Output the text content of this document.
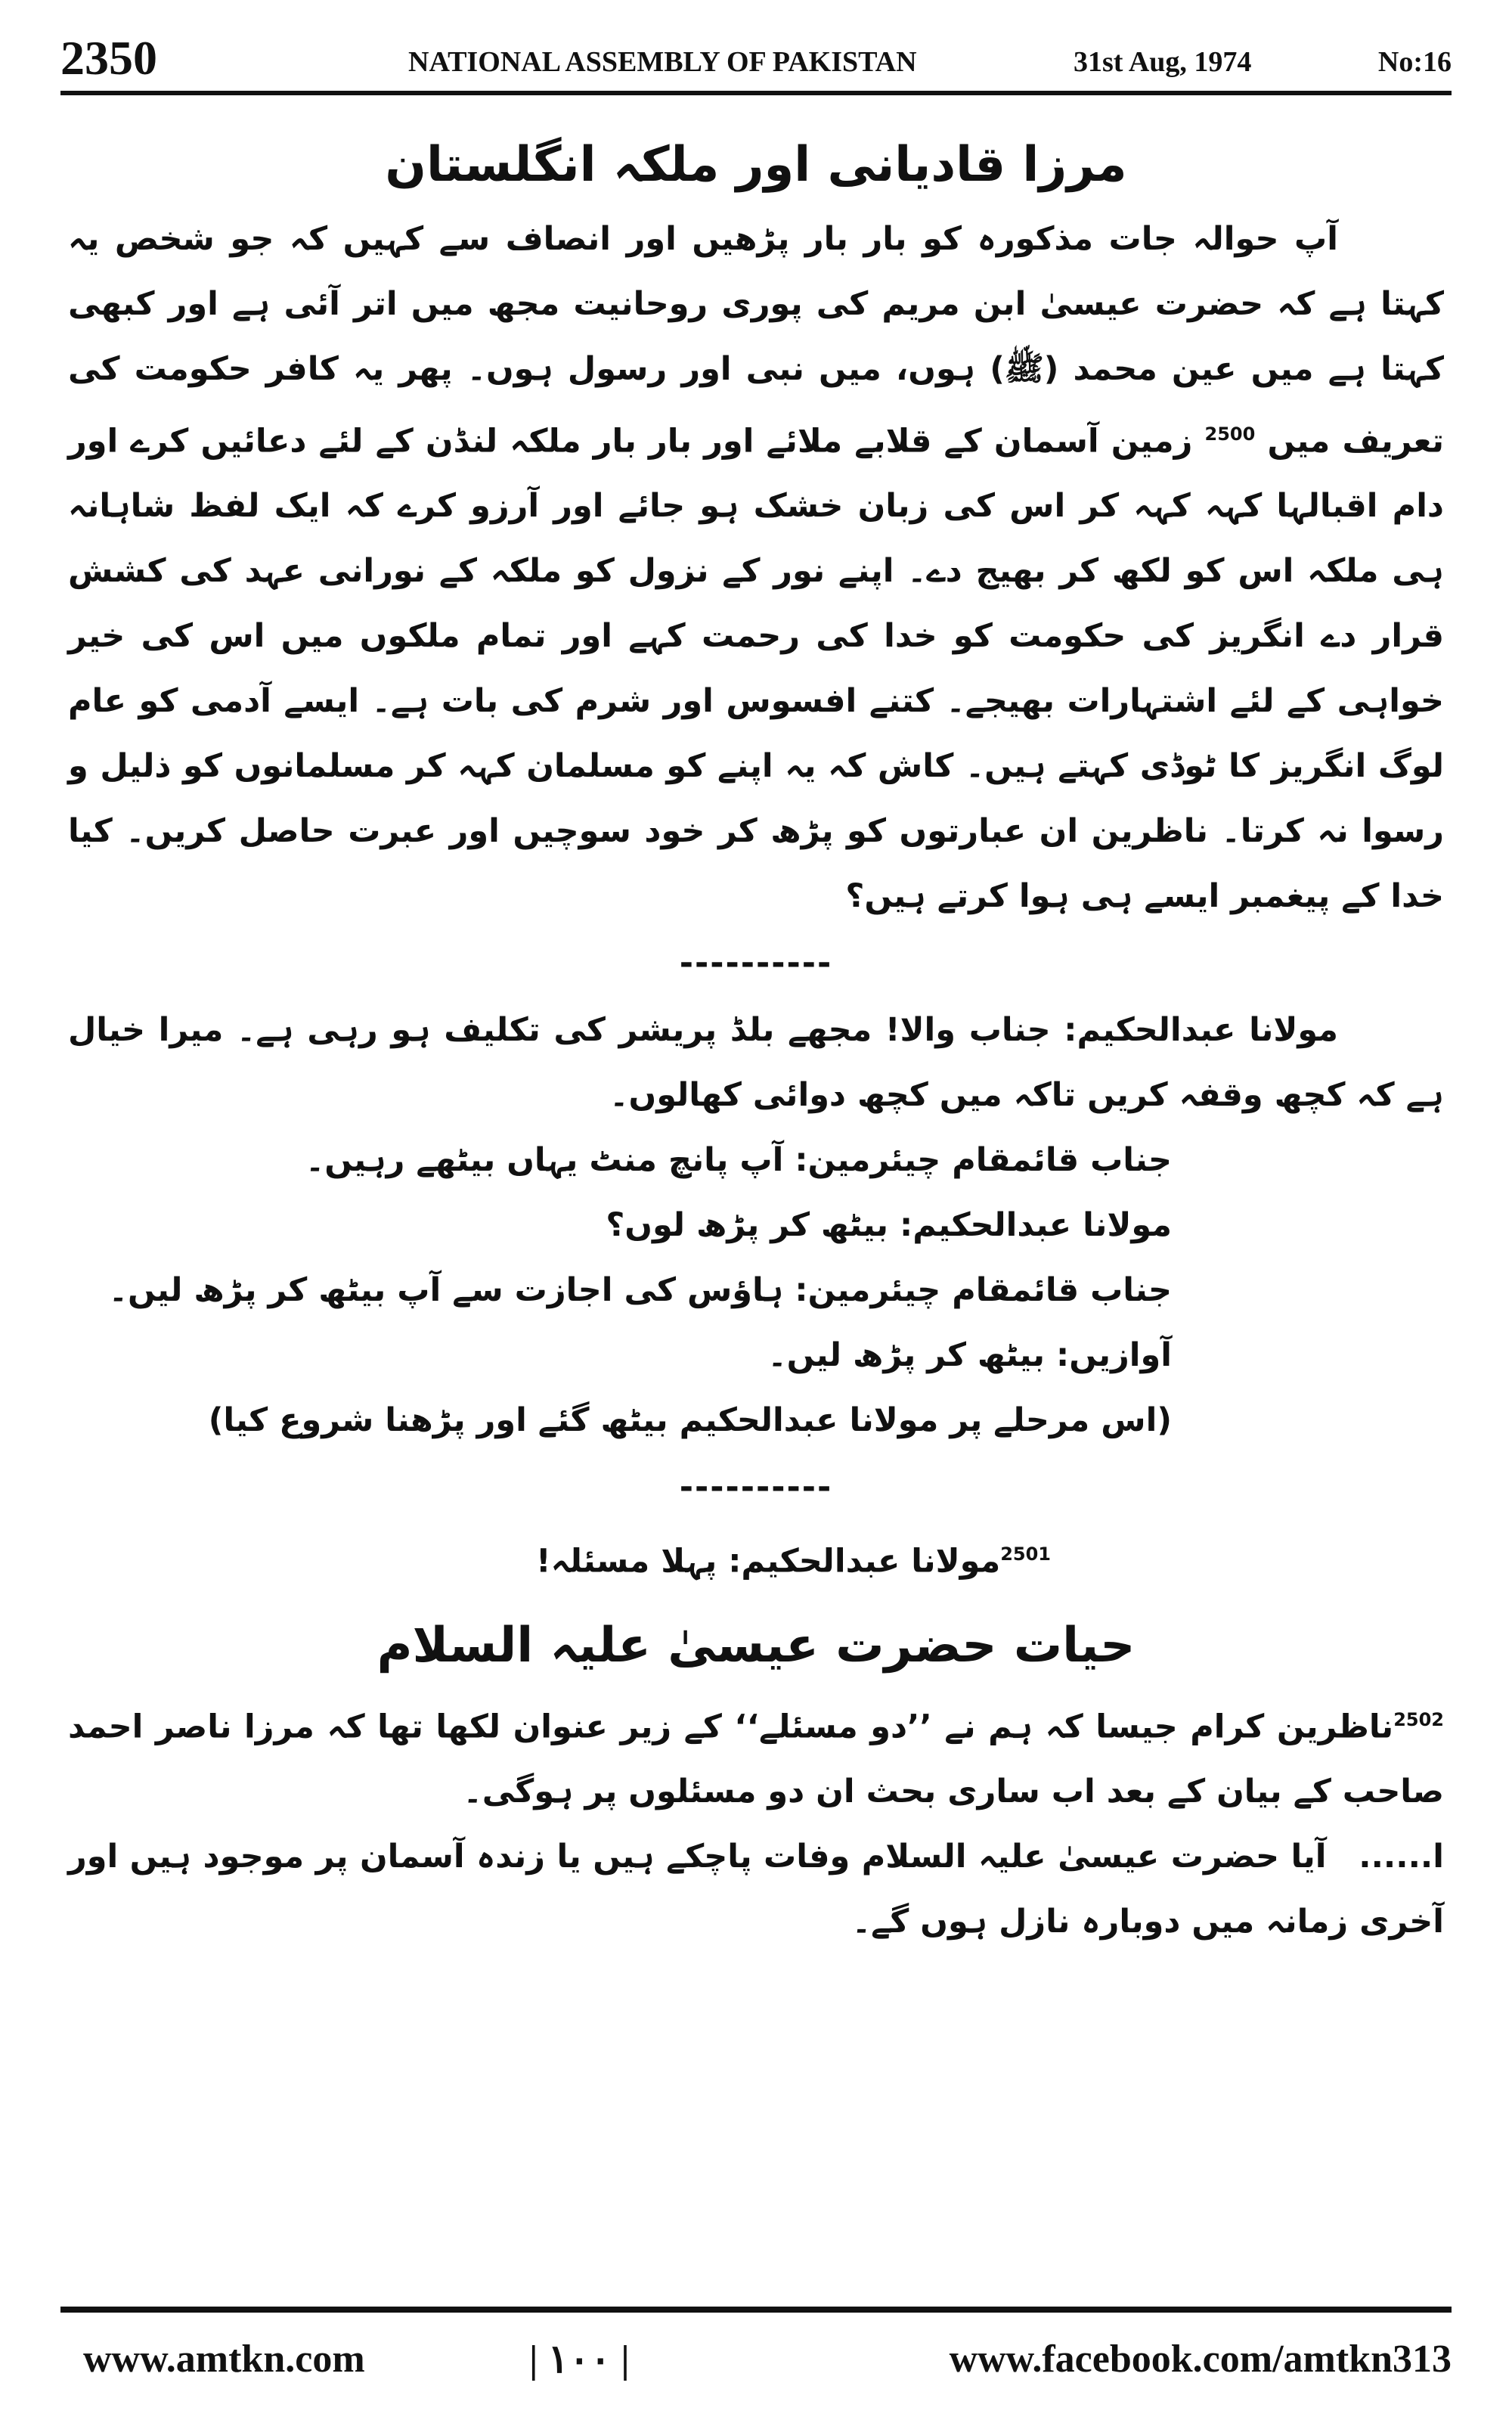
2350	NATIONAL ASSEMBLY OF PAKISTAN	31st Aug, 1974	No:16
مرزا قادیانی اور ملکہ انگلستان

آپ حوالہ جات مذکورہ کو بار بار پڑھیں اور انصاف سے کہیں کہ جو شخص یہ کہتا ہے کہ حضرت عیسیٰ ابن مریم کی پوری روحانیت مجھ میں اتر آئی ہے اور کبھی کہتا ہے میں عین محمد (ﷺ) ہوں، میں نبی اور رسول ہوں۔ پھر یہ کافر حکومت کی تعریف میں $^{2500}$ زمین آسمان کے قلابے ملائے اور بار بار ملکہ لنڈن کے لئے دعائیں کرے اور دام اقبالہا کہہ کہہ کر اس کی زبان خشک ہو جائے اور آرزو کرے کہ ایک لفظ شاہانہ ہی ملکہ اس کو لکھ کر بھیج دے۔ اپنے نور کے نزول کو ملکہ کے نورانی عہد کی کشش قرار دے انگریز کی حکومت کو خدا کی رحمت کہے اور تمام ملکوں میں اس کی خیر خواہی کے لئے اشتہارات بھیجے۔ کتنے افسوس اور شرم کی بات ہے۔ ایسے آدمی کو عام لوگ انگریز کا ٹوڈی کہتے ہیں۔ کاش کہ یہ اپنے کو مسلمان کہہ کر مسلمانوں کو ذلیل و رسوا نہ کرتا۔ ناظرین ان عبارتوں کو پڑھ کر خود سوچیں اور عبرت حاصل کریں۔ کیا خدا کے پیغمبر ایسے ہی ہوا کرتے ہیں؟

----------

مولانا عبدالحکیم: جناب والا! مجھے بلڈ پریشر کی تکلیف ہو رہی ہے۔ میرا خیال ہے کہ کچھ وقفہ کریں تاکہ میں کچھ دوائی کھالوں۔

جناب قائمقام چیئرمین: آپ پانچ منٹ یہاں بیٹھے رہیں۔

مولانا عبدالحکیم: بیٹھ کر پڑھ لوں؟

جناب قائمقام چیئرمین: ہاؤس کی اجازت سے آپ بیٹھ کر پڑھ لیں۔

آوازیں: بیٹھ کر پڑھ لیں۔

(اس مرحلے پر مولانا عبدالحکیم بیٹھ گئے اور پڑھنا شروع کیا)

----------

$^{2501}$مولانا عبدالحکیم: پہلا مسئلہ!

حیات حضرت عیسیٰ علیہ السلام

$^{2502}$ناظرین کرام جیسا کہ ہم نے ’’دو مسئلے‘‘ کے زیر عنوان لکھا تھا کہ مرزا ناصر احمد صاحب کے بیان کے بعد اب ساری بحث ان دو مسئلوں پر ہوگی۔

ا...... آیا حضرت عیسیٰ علیہ السلام وفات پاچکے ہیں یا زندہ آسمان پر موجود ہیں اور آخری زمانہ میں دوبارہ نازل ہوں گے۔

www.amtkn.com	| ۱۰۰ |	www.facebook.com/amtkn313
